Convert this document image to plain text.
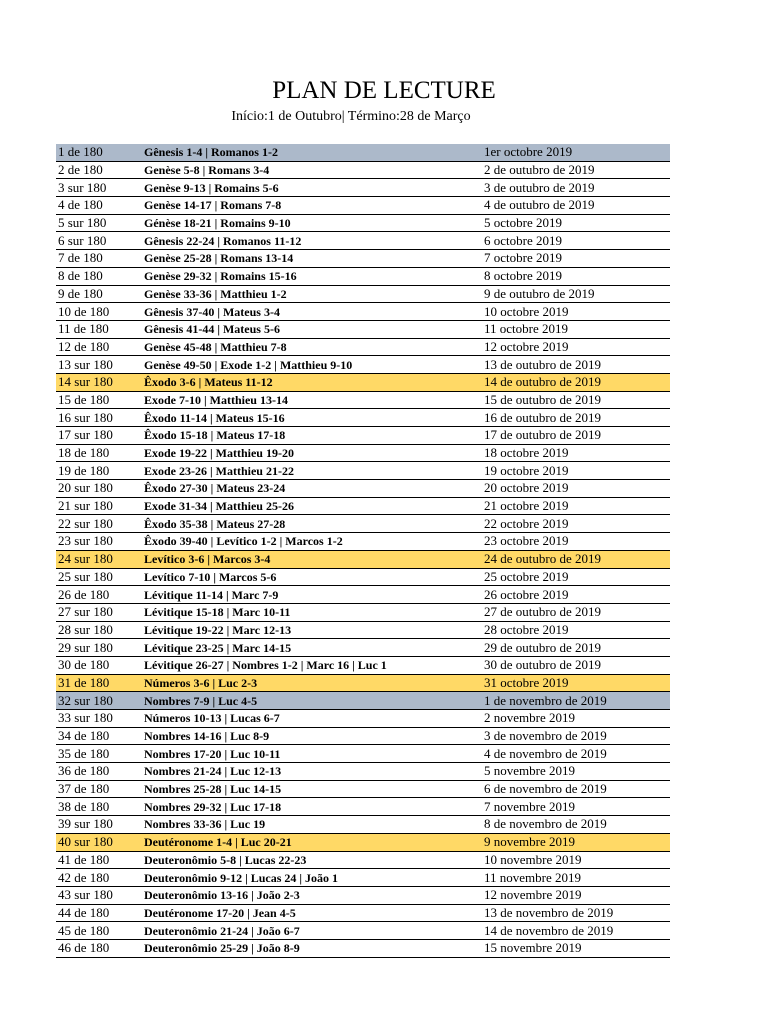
PLAN DE LECTURE
Início:1 de Outubro| Término:28 de Março
1 de 180	Gênesis 1-4 | Romanos 1-2	1er octobre 2019
2 de 180	Genèse 5-8 | Romans 3-4	2 de outubro de 2019
3 sur 180	Genèse 9-13 | Romains 5-6	3 de outubro de 2019
4 de 180	Genèse 14-17 | Romans 7-8	4 de outubro de 2019
5 sur 180	Génèse 18-21 | Romains 9-10	5 octobre 2019
6 sur 180	Gênesis 22-24 | Romanos 11-12	6 octobre 2019
7 de 180	Genèse 25-28 | Romans 13-14	7 octobre 2019
8 de 180	Genèse 29-32 | Romains 15-16	8 octobre 2019
9 de 180	Genèse 33-36 | Matthieu 1-2	9 de outubro de 2019
10 de 180	Gênesis 37-40 | Mateus 3-4	10 octobre 2019
11 de 180	Gênesis 41-44 | Mateus 5-6	11 octobre 2019
12 de 180	Genèse 45-48 | Matthieu 7-8	12 octobre 2019
13 sur 180	Genèse 49-50 | Exode 1-2 | Matthieu 9-10	13 de outubro de 2019
14 sur 180	Êxodo 3-6 | Mateus 11-12	14 de outubro de 2019
15 de 180	Exode 7-10 | Matthieu 13-14	15 de outubro de 2019
16 sur 180	Êxodo 11-14 | Mateus 15-16	16 de outubro de 2019
17 sur 180	Êxodo 15-18 | Mateus 17-18	17 de outubro de 2019
18 de 180	Exode 19-22 | Matthieu 19-20	18 octobre 2019
19 de 180	Exode 23-26 | Matthieu 21-22	19 octobre 2019
20 sur 180	Êxodo 27-30 | Mateus 23-24	20 octobre 2019
21 sur 180	Exode 31-34 | Matthieu 25-26	21 octobre 2019
22 sur 180	Êxodo 35-38 | Mateus 27-28	22 octobre 2019
23 sur 180	Êxodo 39-40 | Levítico 1-2 | Marcos 1-2	23 octobre 2019
24 sur 180	Levítico 3-6 | Marcos 3-4	24 de outubro de 2019
25 sur 180	Levítico 7-10 | Marcos 5-6	25 octobre 2019
26 de 180	Lévitique 11-14 | Marc 7-9	26 octobre 2019
27 sur 180	Lévitique 15-18 | Marc 10-11	27 de outubro de 2019
28 sur 180	Lévitique 19-22 | Marc 12-13	28 octobre 2019
29 sur 180	Lévitique 23-25 | Marc 14-15	29 de outubro de 2019
30 de 180	Lévitique 26-27 | Nombres 1-2 | Marc 16 | Luc 1	30 de outubro de 2019
31 de 180	Números 3-6 | Luc 2-3	31 octobre 2019
32 sur 180	Nombres 7-9 | Luc 4-5	1 de novembro de 2019
33 sur 180	Números 10-13 | Lucas 6-7	2 novembre 2019
34 de 180	Nombres 14-16 | Luc 8-9	3 de novembro de 2019
35 de 180	Nombres 17-20 | Luc 10-11	4 de novembro de 2019
36 de 180	Nombres 21-24 | Luc 12-13	5 novembre 2019
37 de 180	Nombres 25-28 | Luc 14-15	6 de novembro de 2019
38 de 180	Nombres 29-32 | Luc 17-18	7 novembre 2019
39 sur 180	Nombres 33-36 | Luc 19	8 de novembro de 2019
40 sur 180	Deutéronome 1-4 | Luc 20-21	9 novembre 2019
41 de 180	Deuteronômio 5-8 | Lucas 22-23	10 novembre 2019
42 de 180	Deuteronômio 9-12 | Lucas 24 | João 1	11 novembre 2019
43 sur 180	Deuteronômio 13-16 | João 2-3	12 novembre 2019
44 de 180	Deutéronome 17-20 | Jean 4-5	13 de novembro de 2019
45 de 180	Deuteronômio 21-24 | João 6-7	14 de novembro de 2019
46 de 180	Deuteronômio 25-29 | João 8-9	15 novembre 2019
